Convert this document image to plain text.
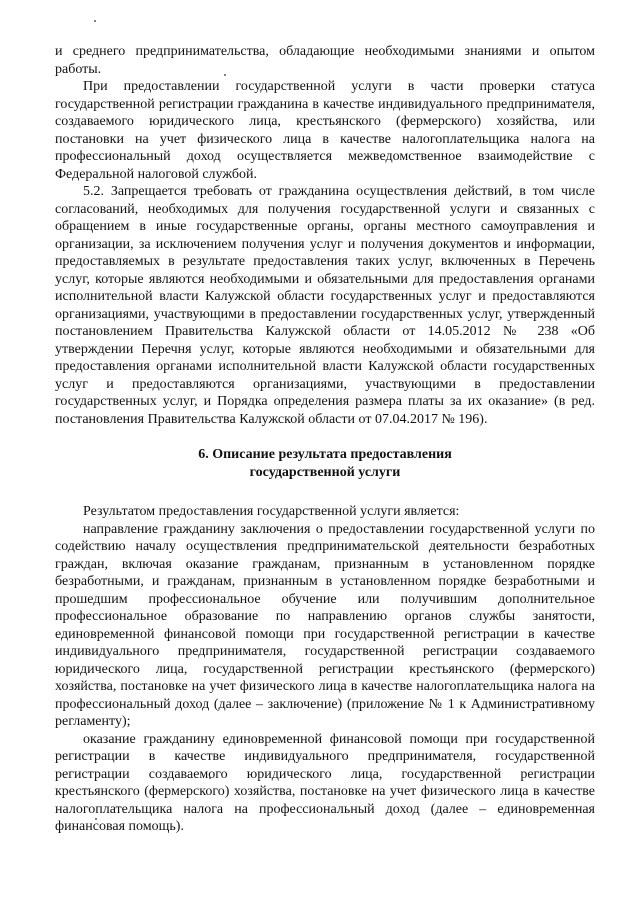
и среднего предпринимательства, обладающие необходимыми знаниями и опытом работы.

При предоставлении государственной услуги в части проверки статуса государственной регистрации гражданина в качестве индивидуального предпринимателя, создаваемого юридического лица, крестьянского (фермерского) хозяйства, или постановки на учет физического лица в качестве налогоплательщика налога на профессиональный доход осуществляется межведомственное взаимодействие с Федеральной налоговой службой.

5.2. Запрещается требовать от гражданина осуществления действий, в том числе согласований, необходимых для получения государственной услуги и связанных с обращением в иные государственные органы, органы местного самоуправления и организации, за исключением получения услуг и получения документов и информации, предоставляемых в результате предоставления таких услуг, включенных в Перечень услуг, которые являются необходимыми и обязательными для предоставления органами исполнительной власти Калужской области государственных услуг и предоставляются организациями, участвующими в предоставлении государственных услуг, утвержденный постановлением Правительства Калужской области от 14.05.2012 № 238 «Об утверждении Перечня услуг, которые являются необходимыми и обязательными для предоставления органами исполнительной власти Калужской области государственных услуг и предоставляются организациями, участвующими в предоставлении государственных услуг, и Порядка определения размера платы за их оказание» (в ред. постановления Правительства Калужской области от 07.04.2017 № 196).

6. Описание результата предоставления
государственной услуги

Результатом предоставления государственной услуги является:

направление гражданину заключения о предоставлении государственной услуги по содействию началу осуществления предпринимательской деятельности безработных граждан, включая оказание гражданам, признанным в установленном порядке безработными, и гражданам, признанным в установленном порядке безработными и прошедшим профессиональное обучение или получившим дополнительное профессиональное образование по направлению органов службы занятости, единовременной финансовой помощи при государственной регистрации в качестве индивидуального предпринимателя, государственной регистрации создаваемого юридического лица, государственной регистрации крестьянского (фермерского) хозяйства, постановке на учет физического лица в качестве налогоплательщика налога на профессиональный доход (далее – заключение) (приложение № 1 к Административному регламенту);

оказание гражданину единовременной финансовой помощи при государственной регистрации в качестве индивидуального предпринимателя, государственной регистрации создаваемого юридического лица, государственной регистрации крестьянского (фермерского) хозяйства, постановке на учет физического лица в качестве налогоплательщика налога на профессиональный доход (далее – единовременная финансовая помощь).
